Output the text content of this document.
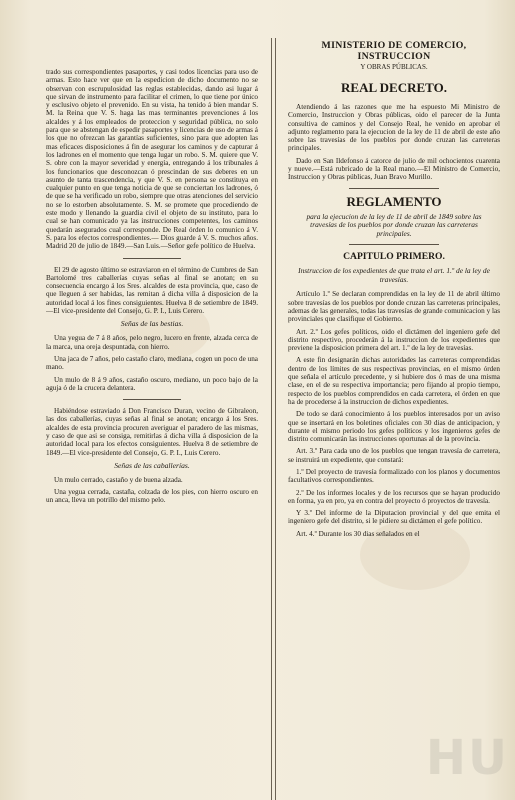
trado sus correspondientes pasaportes, y casi todos licencias para uso de armas. Esto hace ver que en la espedicion de dicho documento no se observan con escrupulosidad las reglas establecidas, dando asi lugar á que sirvan de instrumento para facilitar el crimen, lo que tiene por único y esclusivo objeto el prevenido. En su vista, ha tenido á bien mandar S. M. la Reina que V. S. haga las mas terminantes prevenciones á los alcaldes y á los empleados de proteccion y seguridad pública, no solo para que se abstengan de espedir pasaportes y licencias de uso de armas á los que no ofrezcan las garantías suficientes, sino para que adopten las mas eficaces disposiciones á fin de asegurar los caminos y de capturar á los ladrones en el momento que tenga lugar un robo. S. M. quiere que V. S. obre con la mayor severidad y energía, entregando á los tribunales á los funcionarios que desconozcan ó prescindan de sus deberes en un asunto de tanta trascendencia, y que V. S. en persona se constituya en cualquier punto en que tenga noticia de que se conciertan los ladrones, ó de que se ha verificado un robo, siempre que otras atenciones del servicio no se lo estorben absolutamente. S. M. se promete que procediendo de este modo y llenando la guardia civil el objeto de su instituto, para lo cual se han comunicado ya las instrucciones competentes, los caminos quedarán asegurados cual corresponde. De Real órden lo comunico á V. S. para los efectos correspondientes.— Dios guarde á V. S. muchos años. Madrid 20 de julio de 1849.—San Luis.—Señor gefe político de Huelva.

El 29 de agosto último se estraviaron en el término de Cumbres de San Bartolomé tres caballerías cuyas señas al final se anotan; en su consecuencia encargo á los Sres. alcaldes de esta provincia, que, caso de que lleguen á ser habidas, las remitan á dicha villa á disposicion de la autoridad local á los fines consiguientes. Huelva 8 de setiembre de 1849. —El vice-presidente del Consejo, G. P. I., Luis Cerero.

Señas de las bestias.

Una yegua de 7 á 8 años, pelo negro, lucero en frente, alzada cerca de la marca, una oreja despuntada, con hierro.

Una jaca de 7 años, pelo castaño claro, mediana, cogen un poco de una mano.

Un mulo de 8 á 9 años, castaño oscuro, mediano, un poco bajo de la aguja ó de la crucera delantera.

Habiéndose estraviado á Don Francisco Duran, vecino de Gibraleon, las dos caballerías, cuyas señas al final se anotan; encargo á los Sres. alcaldes de esta provincia procuren averiguar el paradero de las mismas, y caso de que asi se consiga, remitirlas á dicha villa á disposicion de la autoridad local para los efectos consiguientes. Huelva 8 de setiembre de 1849.—El vice-presidente del Consejo, G. P. I., Luis Cerero.

Señas de las caballerías.

Un mulo cerrado, castaño y de buena alzada.

Una yegua cerrada, castaña, colzada de los pies, con hierro oscuro en un anca, lleva un potrillo del mismo pelo.

MINISTERIO DE COMERCIO, INSTRUCCION
Y OBRAS PÚBLICAS.
REAL DECRETO.

Atendiendo á las razones que me ha espuesto Mi Ministro de Comercio, Instruccion y Obras públicas, oido el parecer de la Junta consultiva de caminos y del Consejo Real, he venido en aprobar el adjunto reglamento para la ejecucion de la ley de 11 de abril de este año sobre las travesías de los pueblos por donde cruzan las carreteras principales.

Dado en San Ildefonso á catorce de julio de mil ochocientos cuarenta y nueve.—Está rubricado de la Real mano.—El Ministro de Comercio, Instruccion y Obras públicas, Juan Bravo Murillo.

REGLAMENTO
para la ejecucion de la ley de 11 de abril de 1849 sobre las travesías de los pueblos por donde cruzan las carreteras principales.
CAPITULO PRIMERO.
Instruccion de los expedientes de que trata el art. 1.º de la ley de travesías.

Artículo 1.º Se declaran comprendidas en la ley de 11 de abril último sobre travesías de los pueblos por donde cruzan las carreteras principales, ademas de las generales, todas las travesías de grande comunicacion y las provinciales que clasifique el Gobierno.

Art. 2.º Los gefes políticos, oido el dictámen del ingeniero gefe del distrito respectivo, procederán á la instruccion de los expedientes que previene la disposicion primera del art. 1.º de la ley de travesías.

A este fin designarán dichas autoridades las carreteras comprendidas dentro de los límites de sus respectivas provincias, en el mismo órden que señala el artículo precedente, y si hubiere dos ó mas de una misma clase, en el de su respectiva importancia; pero fijando al propio tiempo, respecto de los pueblos comprendidos en cada carretera, el órden en que ha de procederse á la instruccion de dichos expedientes.

De todo se dará conocimiento á los pueblos interesados por un aviso que se insertará en los boletines oficiales con 30 dias de anticipacion, y durante el mismo periodo los gefes políticos y los ingenieros gefes de distrito comunicarán las instrucciones oportunas al de la provincia.

Art. 3.º Para cada uno de los pueblos que tengan travesía de carretera, se instruirá un expediente, que constará:

1.º Del proyecto de travesía formalizado con los planos y documentos facultativos correspondientes.

2.º De los informes locales y de los recursos que se hayan producido en forma, ya en pro, ya en contra del proyecto ó proyectos de travesía.

Y 3.º Del informe de la Diputacion provincial y del que emita el ingeniero gefe del distrito, si le pidiere su dictámen el gefe político.

Art. 4.º Durante los 30 dias señalados en el

HU
